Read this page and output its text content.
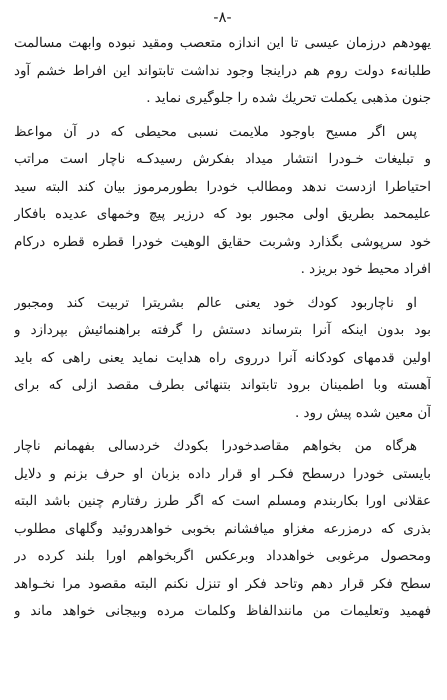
-٨-
یهودهم درزمان عیسی تا این اندازه متعصب ومقید نبوده وابهت مسالمت
طلبانهء دولت روم هم دراینجا وجود نداشت تابتواند این افراط خشم آود
جنون مذهبی یکملت تحریك شده را جلوگیری نماید .
پس اگر مسیح باوجود ملایمت نسبی محیطی که در آن مواعظ
و تبلیغات خـودرا انتشار میداد بفکرش رسیدکـه ناچار است مراتب
احتیاطرا ازدست ندهد ومطالب خودرا بطورمرموز بیان کند البته سید
علیمحمد بطریق اولی مجبور بود که درزیر پیچ وخمهای عدیده بافکار
خود سرپوشی بگذارد وشربت حقایق الوهیت خودرا قطره قطره درکام
افراد محیط خود بریزد .
او ناچاربود کودك خود یعنی عالم بشریترا تربیت کند ومجبور
بود بدون اینکه آنرا بترساند دستش را گرفته براهنمائیش بپردازد و
اولین قدمهای کودکانه آنرا درروی راه هدایت نماید یعنی راهی که باید
آهسته وبا اطمینان برود تابتواند بتنهائی بطرف مقصد ازلی که برای
آن معین شده پیش رود .
هرگاه من بخواهم مقاصدخودرا بکودك خردسالی بفهمانم ناچار
بایستی خودرا درسطح فکـر او قرار داده بزبان او حرف بزنم و دلایل
عقلانی اورا بکاربندم ومسلم است که اگر طرز رفتارم چنین باشد البته
بذری که درمزرعه مغزاو میافشانم بخوبی خواهدروئید وگلهای مطلوب
ومحصول مرغوبی خواهدداد وبرعکس اگربخواهم اورا بلند کرده در
سطح فکر قرار دهم وتاحد فکر او تنزل نکنم البته مقصود مرا نخـواهد
فهمید وتعلیمات من مانندالفاظ وکلمات مرده وبیجانی خواهد ماند و
